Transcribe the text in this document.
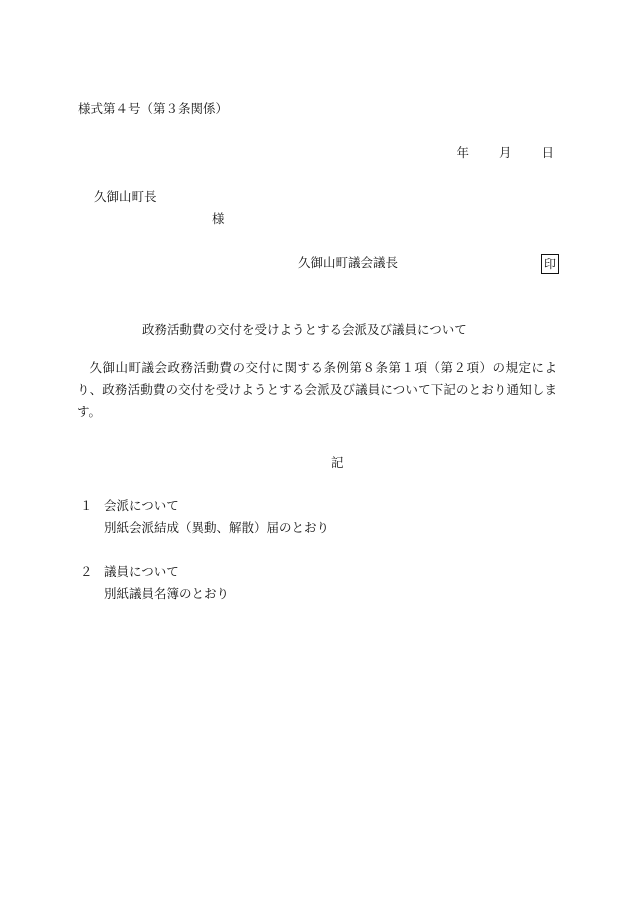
様式第４号（第３条関係）
年 月 日
久御山町長
様
久御山町議会議長	印
政務活動費の交付を受けようとする会派及び議員について
久御山町議会政務活動費の交付に関する条例第８条第１項（第２項）の規定により、政務活動費の交付を受けようとする会派及び議員について下記のとおり通知します。
記
１ 会派について
別紙会派結成（異動、解散）届のとおり
２ 議員について
別紙議員名簿のとおり
